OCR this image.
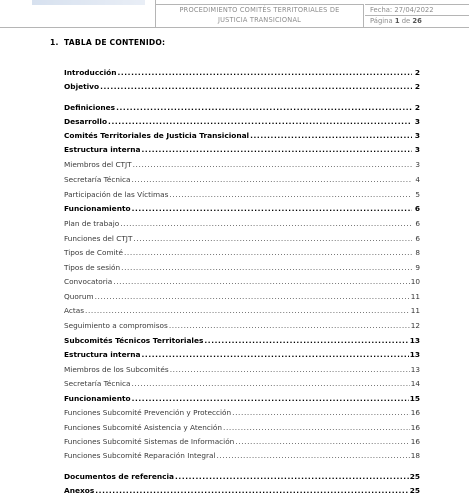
PROCEDIMIENTO COMITÉS TERRITORIALES DE
JUSTICIA TRANSICIONAL
Fecha: 27/04/2022
Página 1 de 26
1. TABLA DE CONTENIDO:
Introducción .....	2
Objetivo .....	2
Definiciones .....	2
Desarrollo .....	3
Comités Territoriales de Justicia Transicional .....	3
Estructura interna .....	3
Miembros del CTJT .....	3
Secretaría Técnica .....	4
Participación de las Víctimas .....	5
Funcionamiento .....	6
Plan de trabajo .....	6
Funciones del CTJT .....	6
Tipos de Comité .....	8
Tipos de sesión .....	9
Convocatoria .....	10
Quorum .....	11
Actas .....	11
Seguimiento a compromisos .....	12
Subcomités Técnicos Territoriales .....	13
Estructura interna .....	13
Miembros de los Subcomités .....	13
Secretaría Técnica .....	14
Funcionamiento .....	15
Funciones Subcomité Prevención y Protección .....	16
Funciones Subcomité Asistencia y Atención .....	16
Funciones Subcomité Sistemas de Información .....	16
Funciones Subcomité Reparación Integral .....	18
Documentos de referencia .....	25
Anexos .....	25
